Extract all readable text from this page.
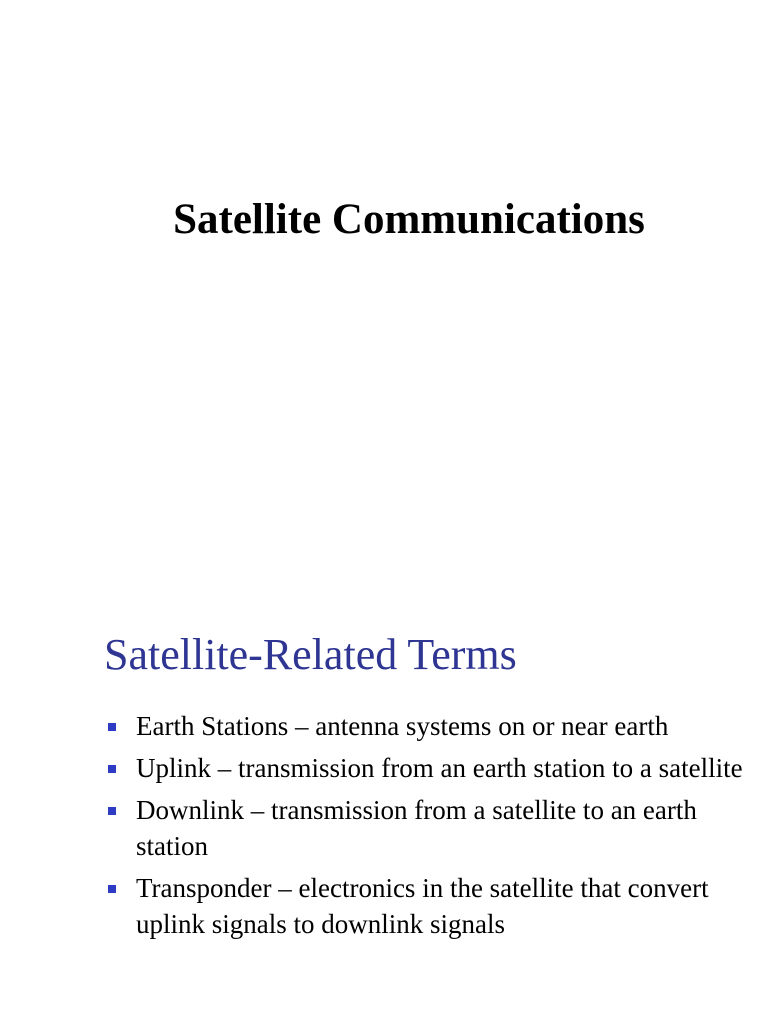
Satellite Communications
Satellite-Related Terms
Earth Stations – antenna systems on or near earth
Uplink – transmission from an earth station to a satellite
Downlink – transmission from a satellite to an earth station
Transponder – electronics in the satellite that convert uplink signals to downlink signals
